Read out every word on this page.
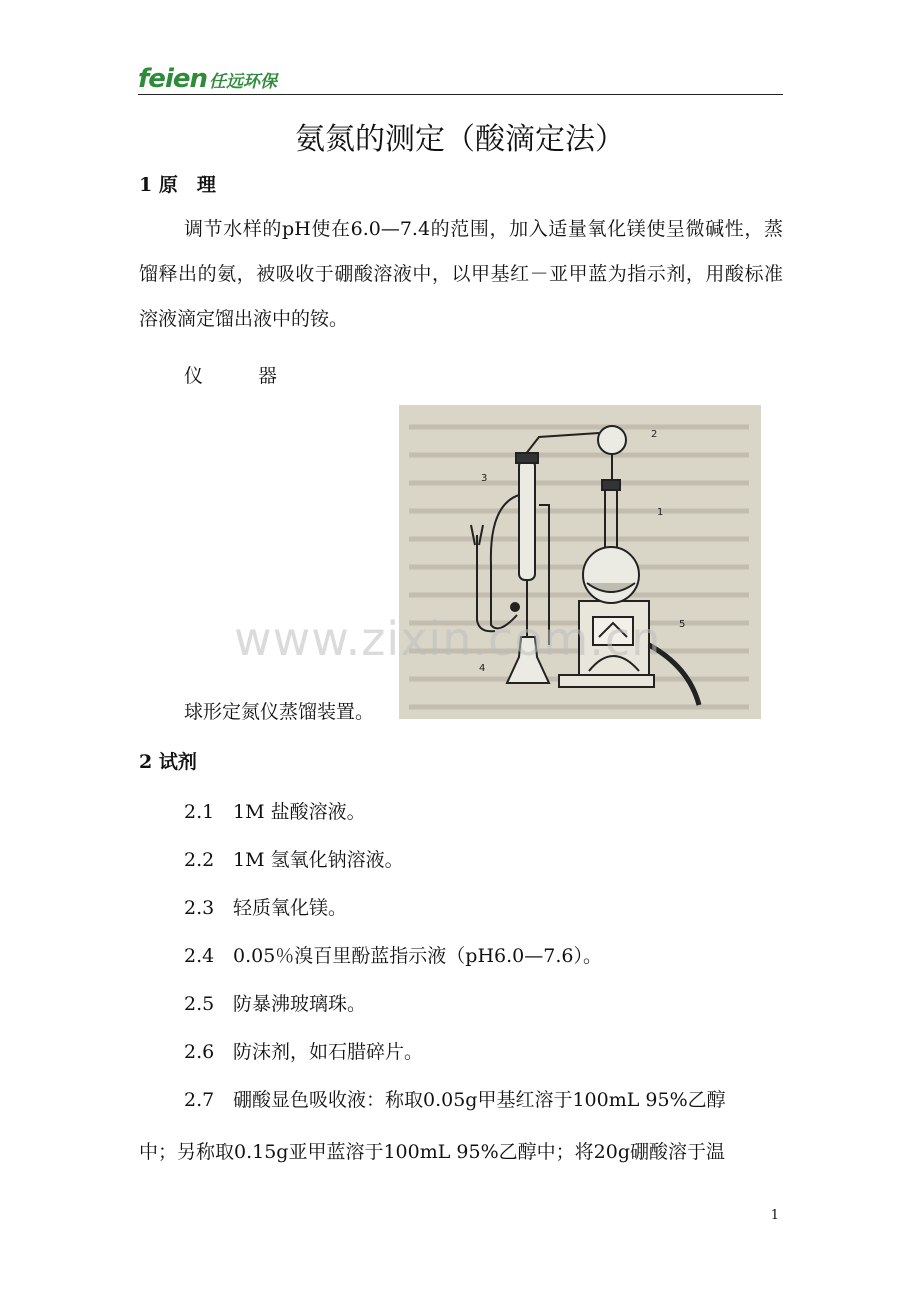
feien 任远环保
氨氮的测定（酸滴定法）
1 原　理
调节水样的pH使在6.0—7.4的范围，加入适量氧化镁使呈微碱性，蒸馏释出的氨，被吸收于硼酸溶液中，以甲基红－亚甲蓝为指示剂，用酸标准溶液滴定馏出液中的铵。
仪　器
2
1
3
4
5
球形定氮仪蒸馏装置。
www.zixin.com.cn
2 试剂
2.1 1M 盐酸溶液。
2.2 1M 氢氧化钠溶液。
2.3 轻质氧化镁。
2.4 0.05％溴百里酚蓝指示液（pH6.0—7.6）。
2.5 防暴沸玻璃珠。
2.6 防沫剂，如石腊碎片。
2.7 硼酸显色吸收液：称取0.05g甲基红溶于100mL 95%乙醇
中；另称取0.15g亚甲蓝溶于100mL 95%乙醇中；将20g硼酸溶于温
1
